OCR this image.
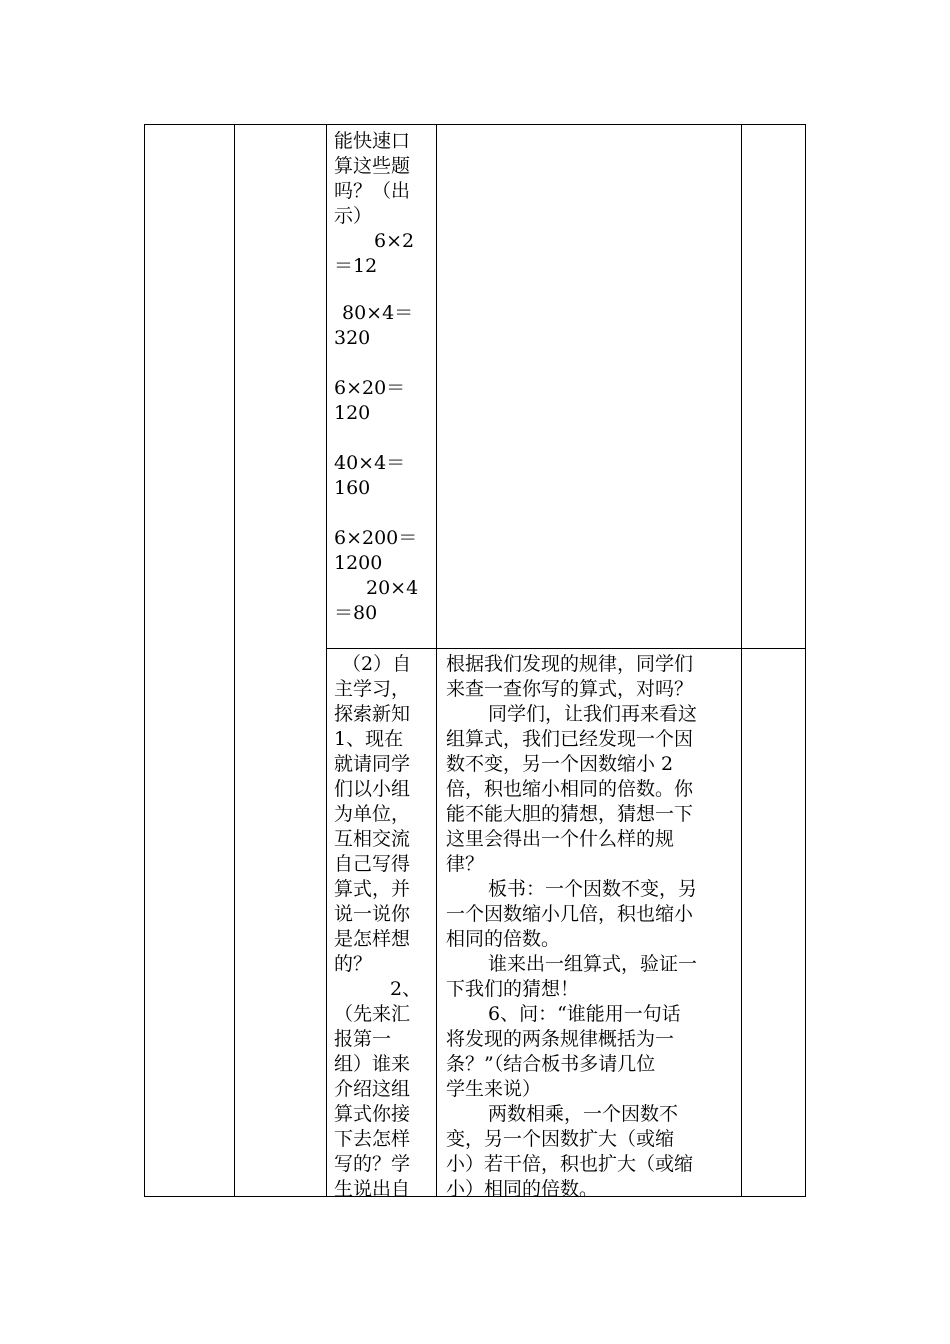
能快速口
算这些题
吗？（出
示）
6×2
＝12
80×4＝
320
6×20＝
120
40×4＝
160
6×200＝
1200
20×4
＝80
（2）自
主学习，
探索新知
1、现在
就请同学
们以小组
为单位，
互相交流
自己写得
算式，并
说一说你
是怎样想
的？
2、
（先来汇
报第一
组）谁来
介绍这组
算式你接
下去怎样
写的？学
生说出自
根据我们发现的规律，同学们
来查一查你写的算式，对吗？
同学们，让我们再来看这
组算式，我们已经发现一个因
数不变，另一个因数缩小 2
倍，积也缩小相同的倍数。你
能不能大胆的猜想，猜想一下
这里会得出一个什么样的规
律？
板书：一个因数不变，另
一个因数缩小几倍，积也缩小
相同的倍数。
谁来出一组算式，验证一
下我们的猜想！
6、问：“谁能用一句话
将发现的两条规律概括为一
条？”（结合板书多请几位
学生来说）
两数相乘，一个因数不
变，另一个因数扩大（或缩
小）若干倍，积也扩大（或缩
小）相同的倍数。
